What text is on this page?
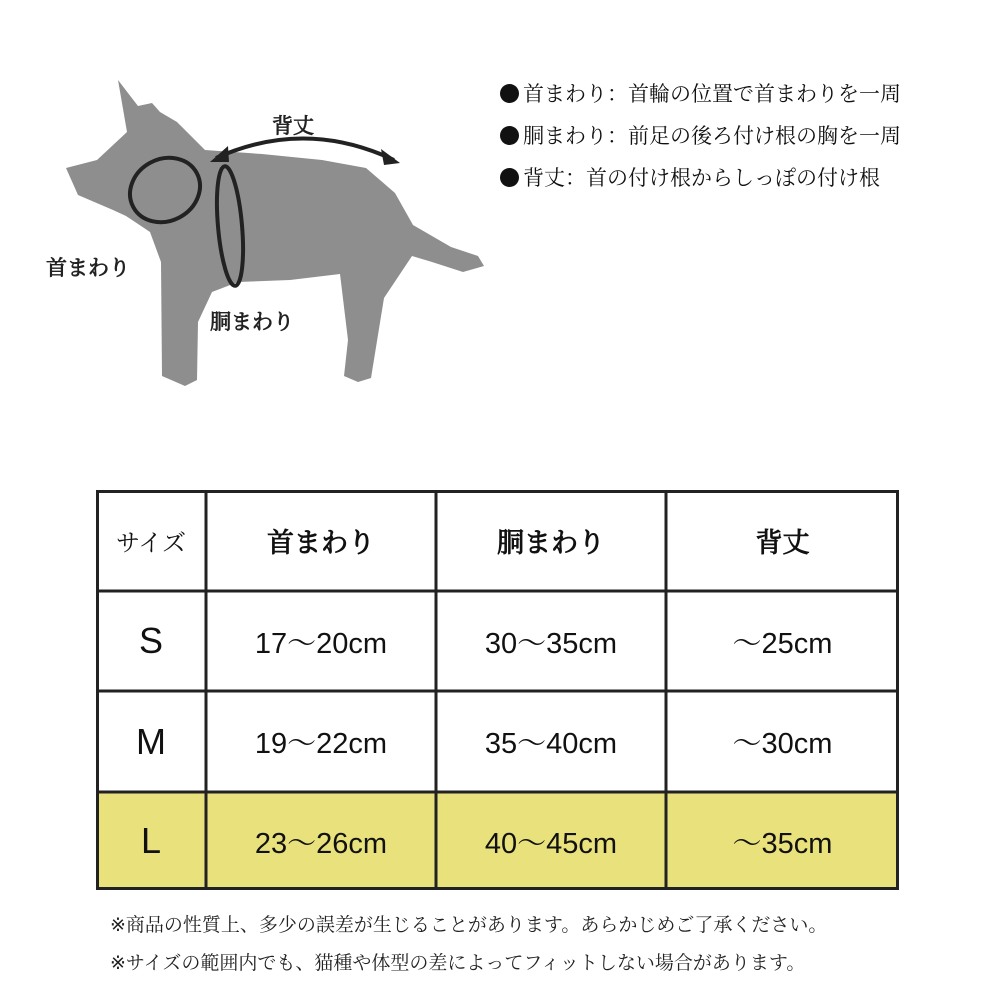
背丈
首まわり
胴まわり
首まわり：首輪の位置で首まわりを一周
胴まわり：前足の後ろ付け根の胸を一周
背丈：首の付け根からしっぽの付け根
サイズ	首まわり	胴まわり	背丈
S	17〜20cm	30〜35cm	〜25cm
M	19〜22cm	35〜40cm	〜30cm
L	23〜26cm	40〜45cm	〜35cm
※商品の性質上、多少の誤差が生じることがあります。あらかじめご了承ください。
※サイズの範囲内でも、猫種や体型の差によってフィットしない場合があります。
